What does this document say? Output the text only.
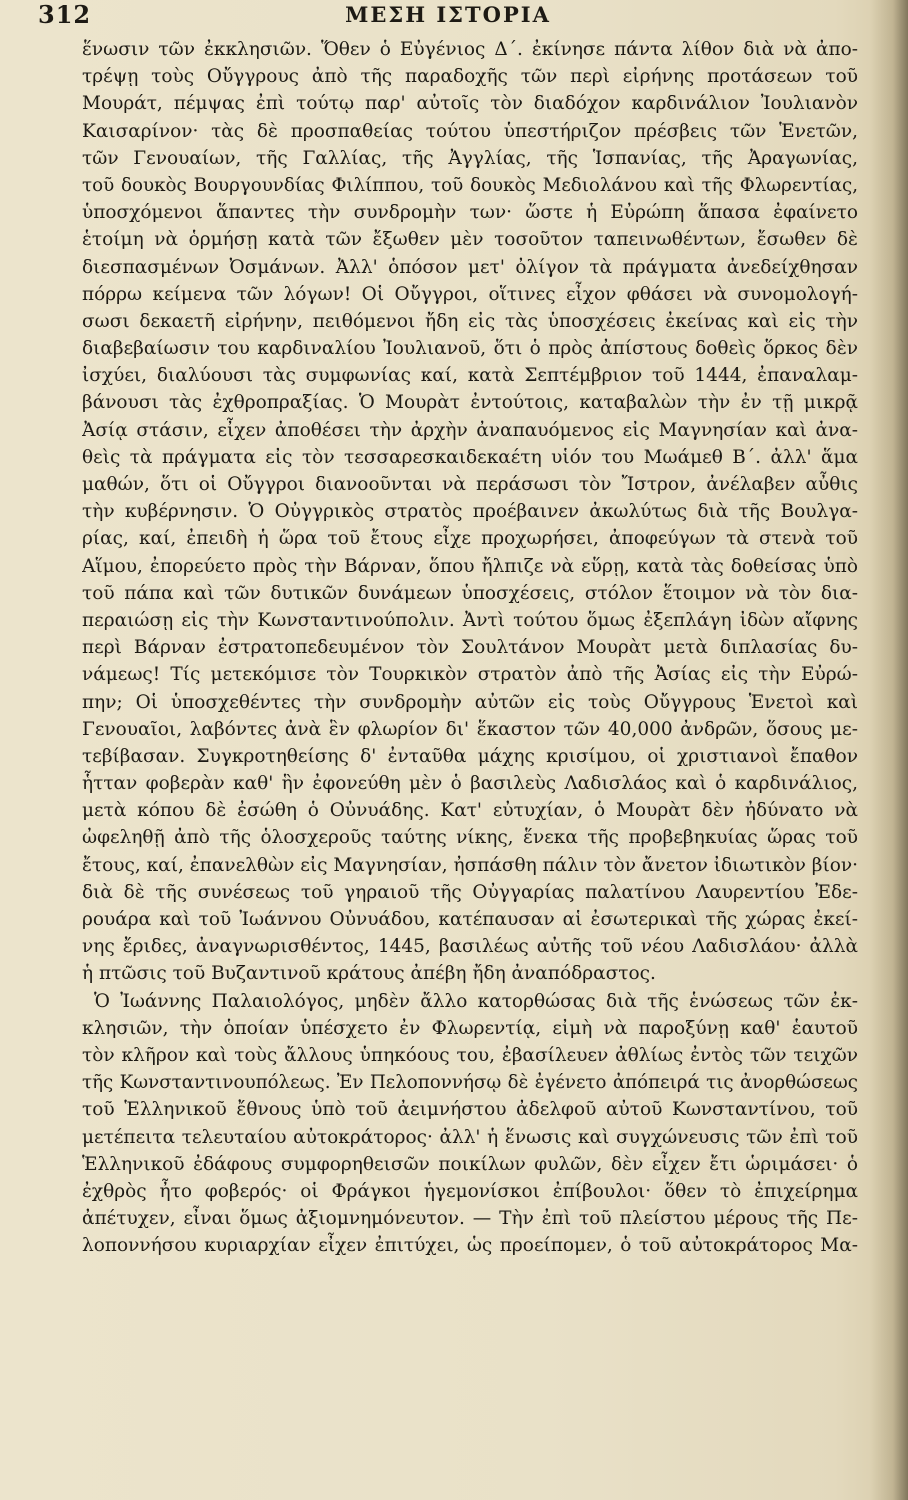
312	ΜΕΣΗ ΙΣΤΟΡΙΑ
ἕνωσιν τῶν ἐκκλησιῶν. Ὅθεν ὁ Εὐγένιος Δ΄. ἐκίνησε πάντα λίθον διὰ νὰ ἀπο-
τρέψῃ τοὺς Οὔγγρους ἀπὸ τῆς παραδοχῆς τῶν περὶ εἰρήνης προτάσεων τοῦ
Μουράτ, πέμψας ἐπὶ τούτῳ παρ' αὐτοῖς τὸν διαδόχον καρδινάλιον Ἰουλιανὸν
Καισαρίνον· τὰς δὲ προσπαθείας τούτου ὑπεστήριζον πρέσβεις τῶν Ἑνετῶν,
τῶν Γενουαίων, τῆς Γαλλίας, τῆς Ἀγγλίας, τῆς Ἱσπανίας, τῆς Ἀραγωνίας,
τοῦ δουκὸς Βουργουνδίας Φιλίππου, τοῦ δουκὸς Μεδιολάνου καὶ τῆς Φλωρεντίας,
ὑποσχόμενοι ἅπαντες τὴν συνδρομὴν των· ὥστε ἡ Εὐρώπη ἅπασα ἐφαίνετο
ἑτοίμη νὰ ὁρμήσῃ κατὰ τῶν ἔξωθεν μὲν τοσοῦτον ταπεινωθέντων, ἔσωθεν δὲ
διεσπασμένων Ὀσμάνων. Ἀλλ' ὁπόσον μετ' ὀλίγον τὰ πράγματα ἀνεδείχθησαν
πόρρω κείμενα τῶν λόγων! Οἱ Οὔγγροι, οἵτινες εἶχον φθάσει νὰ συνομολογή-
σωσι δεκαετῆ εἰρήνην, πειθόμενοι ἤδη εἰς τὰς ὑποσχέσεις ἐκείνας καὶ εἰς τὴν
διαβεβαίωσιν του καρδιναλίου Ἰουλιανοῦ, ὅτι ὁ πρὸς ἀπίστους δοθεὶς ὅρκος δὲν
ἰσχύει, διαλύουσι τὰς συμφωνίας καί, κατὰ Σεπτέμβριον τοῦ 1444, ἐπαναλαμ-
βάνουσι τὰς ἐχθροπραξίας. Ὁ Μουρὰτ ἐντούτοις, καταβαλὼν τὴν ἐν τῇ μικρᾷ
Ἀσίᾳ στάσιν, εἶχεν ἀποθέσει τὴν ἀρχὴν ἀναπαυόμενος εἰς Μαγνησίαν καὶ ἀνα-
θεὶς τὰ πράγματα εἰς τὸν τεσσαρεσκαιδεκαέτη υἱόν του Μωάμεθ Β΄. ἀλλ' ἅμα
μαθών, ὅτι οἱ Οὔγγροι διανοοῦνται νὰ περάσωσι τὸν Ἴστρον, ἀνέλαβεν αὖθις
τὴν κυβέρνησιν. Ὁ Οὐγγρικὸς στρατὸς προέβαινεν ἀκωλύτως διὰ τῆς Βουλγα-
ρίας, καί, ἐπειδὴ ἡ ὥρα τοῦ ἔτους εἶχε προχωρήσει, ἀποφεύγων τὰ στενὰ τοῦ
Αἵμου, ἐπορεύετο πρὸς τὴν Βάρναν, ὅπου ἤλπιζε νὰ εὕρῃ, κατὰ τὰς δοθείσας ὑπὸ
τοῦ πάπα καὶ τῶν δυτικῶν δυνάμεων ὑποσχέσεις, στόλον ἕτοιμον νὰ τὸν δια-
περαιώσῃ εἰς τὴν Κωνσταντινούπολιν. Ἀντὶ τούτου ὅμως ἐξεπλάγη ἰδὼν αἴφνης
περὶ Βάρναν ἐστρατοπεδευμένον τὸν Σουλτάνον Μουρὰτ μετὰ διπλασίας δυ-
νάμεως! Τίς μετεκόμισε τὸν Τουρκικὸν στρατὸν ἀπὸ τῆς Ἀσίας εἰς τὴν Εὐρώ-
πην; Οἱ ὑποσχεθέντες τὴν συνδρομὴν αὐτῶν εἰς τοὺς Οὔγγρους Ἑνετοὶ καὶ
Γενουαῖοι, λαβόντες ἀνὰ ἓν φλωρίον δι' ἕκαστον τῶν 40,000 ἀνδρῶν, ὅσους με-
τεβίβασαν. Συγκροτηθείσης δ' ἐνταῦθα μάχης κρισίμου, οἱ χριστιανοὶ ἔπαθον
ἧτταν φοβερὰν καθ' ἣν ἐφονεύθη μὲν ὁ βασιλεὺς Λαδισλάος καὶ ὁ καρδινάλιος,
μετὰ κόπου δὲ ἐσώθη ὁ Οὐνυάδης. Κατ' εὐτυχίαν, ὁ Μουρὰτ δὲν ἠδύνατο νὰ
ὠφεληθῇ ἀπὸ τῆς ὁλοσχεροῦς ταύτης νίκης, ἕνεκα τῆς προβεβηκυίας ὥρας τοῦ
ἔτους, καί, ἐπανελθὼν εἰς Μαγνησίαν, ἠσπάσθη πάλιν τὸν ἄνετον ἰδιωτικὸν βίον·
διὰ δὲ τῆς συνέσεως τοῦ γηραιοῦ τῆς Οὐγγαρίας παλατίνου Λαυρεντίου Ἐδε-
ρουάρα καὶ τοῦ Ἰωάννου Οὐνυάδου, κατέπαυσαν αἱ ἐσωτερικαὶ τῆς χώρας ἐκεί-
νης ἔριδες, ἀναγνωρισθέντος, 1445, βασιλέως αὐτῆς τοῦ νέου Λαδισλάου· ἀλλὰ
ἡ πτῶσις τοῦ Βυζαντινοῦ κράτους ἀπέβη ἤδη ἀναπόδραστος.
Ὁ Ἰωάννης Παλαιολόγος, μηδὲν ἄλλο κατορθώσας διὰ τῆς ἑνώσεως τῶν ἐκ-
κλησιῶν, τὴν ὁποίαν ὑπέσχετο ἐν Φλωρεντίᾳ, εἰμὴ νὰ παροξύνῃ καθ' ἑαυτοῦ
τὸν κλῆρον καὶ τοὺς ἄλλους ὑπηκόους του, ἐβασίλευεν ἀθλίως ἐντὸς τῶν τειχῶν
τῆς Κωνσταντινουπόλεως. Ἐν Πελοποννήσῳ δὲ ἐγένετο ἀπόπειρά τις ἀνορθώσεως
τοῦ Ἑλληνικοῦ ἔθνους ὑπὸ τοῦ ἀειμνήστου ἀδελφοῦ αὐτοῦ Κωνσταντίνου, τοῦ
μετέπειτα τελευταίου αὐτοκράτορος· ἀλλ' ἡ ἕνωσις καὶ συγχώνευσις τῶν ἐπὶ τοῦ
Ἑλληνικοῦ ἐδάφους συμφορηθεισῶν ποικίλων φυλῶν, δὲν εἶχεν ἔτι ὡριμάσει· ὁ
ἐχθρὸς ἦτο φοβερός· οἱ Φράγκοι ἡγεμονίσκοι ἐπίβουλοι· ὅθεν τὸ ἐπιχείρημα
ἀπέτυχεν, εἶναι ὅμως ἀξιομνημόνευτον. — Τὴν ἐπὶ τοῦ πλείστου μέρους τῆς Πε-
λοποννήσου κυριαρχίαν εἶχεν ἐπιτύχει, ὡς προείπομεν, ὁ τοῦ αὐτοκράτορος Μα-
